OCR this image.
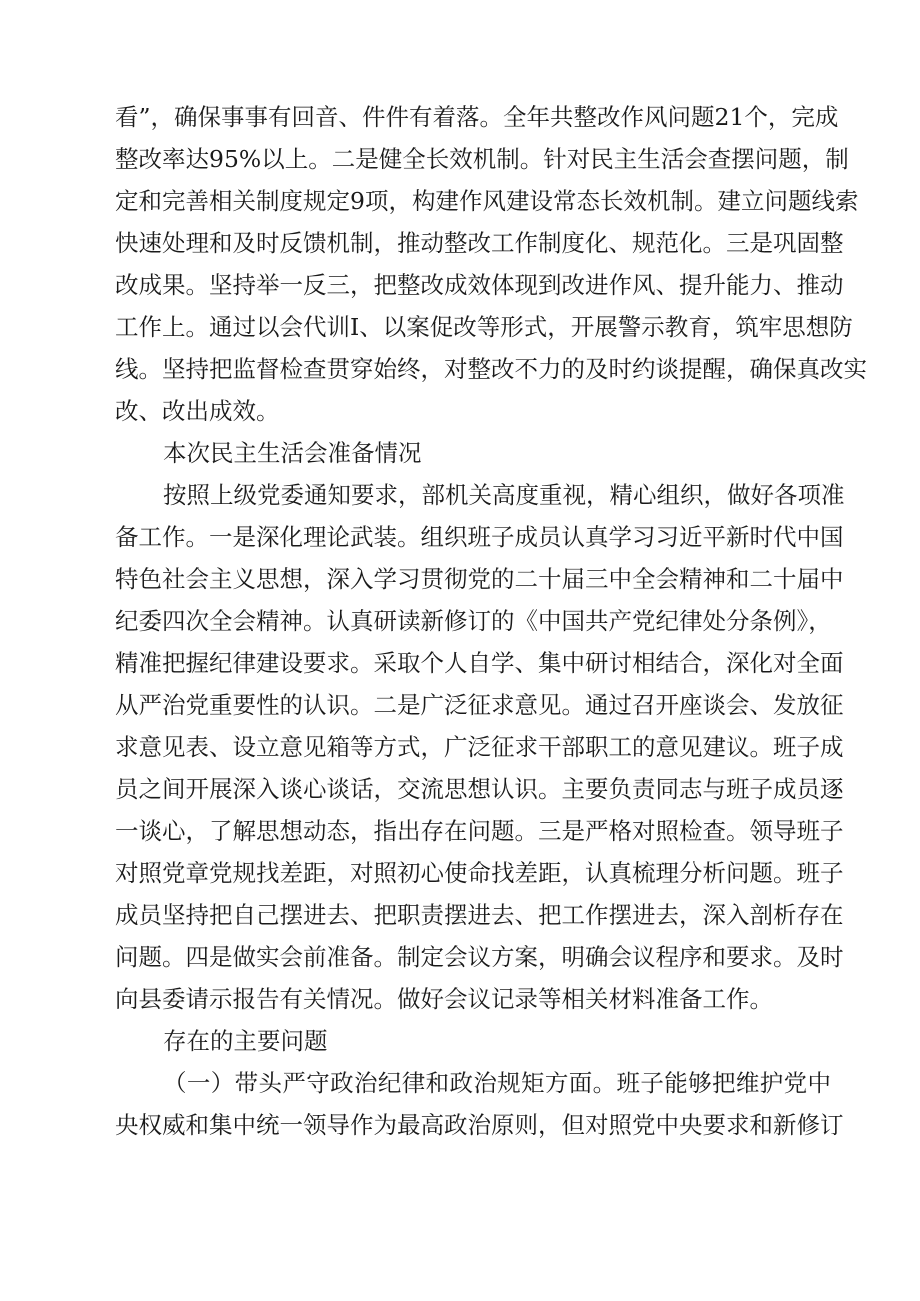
看”，确保事事有回音、件件有着落。全年共整改作风问题21个，完成

整改率达95%以上。二是健全长效机制。针对民主生活会查摆问题，制

定和完善相关制度规定9项，构建作风建设常态长效机制。建立问题线索

快速处理和及时反馈机制，推动整改工作制度化、规范化。三是巩固整

改成果。坚持举一反三，把整改成效体现到改进作风、提升能力、推动

工作上。通过以会代训I、以案促改等形式，开展警示教育，筑牢思想防

线。坚持把监督检查贯穿始终，对整改不力的及时约谈提醒，确保真改实

改、改出成效。

本次民主生活会准备情况

按照上级党委通知要求，部机关高度重视，精心组织，做好各项准

备工作。一是深化理论武装。组织班子成员认真学习习近平新时代中国

特色社会主义思想，深入学习贯彻党的二十届三中全会精神和二十届中

纪委四次全会精神。认真研读新修订的《中国共产党纪律处分条例》，

精准把握纪律建设要求。采取个人自学、集中研讨相结合，深化对全面

从严治党重要性的认识。二是广泛征求意见。通过召开座谈会、发放征

求意见表、设立意见箱等方式，广泛征求干部职工的意见建议。班子成

员之间开展深入谈心谈话，交流思想认识。主要负责同志与班子成员逐

一谈心，了解思想动态，指出存在问题。三是严格对照检查。领导班子

对照党章党规找差距，对照初心使命找差距，认真梳理分析问题。班子

成员坚持把自己摆进去、把职责摆进去、把工作摆进去，深入剖析存在

问题。四是做实会前准备。制定会议方案，明确会议程序和要求。及时

向县委请示报告有关情况。做好会议记录等相关材料准备工作。

存在的主要问题

（一）带头严守政治纪律和政治规矩方面。班子能够把维护党中

央权威和集中统一领导作为最高政治原则，但对照党中央要求和新修订
